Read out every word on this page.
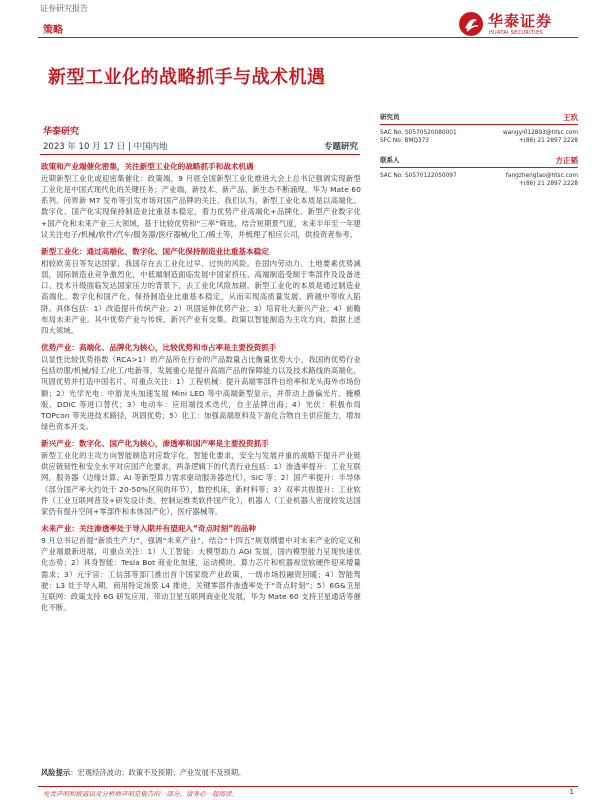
证券研究报告
华泰证券
HUATAI SECURITIES
策略
新型工业化的战略抓手与战术机遇
华泰研究
2023 年 10 月 17 日 | 中国内地	专题研究
政策和产业端催化密集，关注新型工业化的战略抓手和战术机遇
近期新型工业化或迎密集催化：政策端，9 月底全国新型工业化推进大会上总书记强调实现新型工业化是中国式现代化的关键任务；产业端，新技术、新产品、新生态不断涌现，华为 Mate 60 系列、问界新 M7 发布等引发市场对国产品牌的关注。我们认为，新型工业化本质是以高端化、数字化、国产化实现保持制造业比重基本稳定，着力优势产业高端化+品牌化、新型产业数字化+国产化和未来产业三大领域，基于比较优势和“三率”筛选，结合短期景气度，未来半年至一年建议关注电子/机械/软件/汽车/服务器/医疗器械/化工/稀土等，并梳理了相应公司，供投资者参考。
新型工业化：通过高端化、数字化、国产化保持制造业比重基本稳定
相较欧美日等发达国家，我国存在去工业化过早、过快的风险。在国内劳动力、土地要素优势减弱，国际制造业竞争激烈化，中低端制造面临发展中国家挤压、高端制造受制于零部件及设备进口、技术升级面临发达国家压力的背景下，去工业化风险加剧。新型工业化的本质是通过制造业高端化、数字化和国产化，保持制造业比重基本稳定，从而实现高质量发展，跨越中等收入陷阱。具体包括：1）改造提升传统产业；2）巩固延伸优势产业；3）培育壮大新兴产业；4）前瞻布局未来产业。其中优势产业与传统、新兴产业有交集。政策以智能制造为主攻方向，数据上述四大领域。
优势产业：高端化、品牌化为核心，比较优势和市占率是主要投资抓手
以显性比较优势指数（RCA>1）的产品所在行业的产品数量占比衡量优势大小，我国的优势行业包括纺服/机械/轻工/化工/电新等，发展重心是提升高端产品的保障能力以及技术路线的高端化，巩固优势并打造中国名片。可重点关注：1）工程机械：提升高端零部件自给率和龙头海外市场份额；2）光学光电：中游龙头加速发展 Mini LED 等中高端新型显示，并带动上游偏光片、掩模版、DDIC 等进口替代；3）电动车：应用端技术迭代，自主品牌出海；4）光伏：积极布局 TOPcon 等先进技术路径，巩固优势；5）化工：加强高端原料及下游化合物自主供应能力，增加绿色资本开支。
新兴产业：数字化、国产化为核心，渗透率和国产率是主要投资抓手
新型工业化的主攻方向智能制造对应数字化，智能化要求，安全与发展并重的战略下提升产业链供应链韧性和安全水平对应国产化要求，两条逻辑下的代表行业包括：1）渗透率提升：工业互联网，服务器（边缘计算、AI 等新型算力需求驱动服务器迭代），SiC 等；2）国产率提升：半导体（部分国产率大约处于 20-50%区间的环节），数控机床，新材料等；3）双率共振提升：工业软件（工业互联网普及+研发设计类、控制运维类软件国产化），机器人（工业机器人密度较发达国家仍有提升空间+零部件和本体国产化），医疗器械等。
未来产业：关注渗透率处于导入期并有望迎入“奇点时刻”的品种
9 月总书记首提“新质生产力”，强调“未来产业”，结合“十四五”规划纲要中对未来产业的定义和产业端最新进展，可重点关注：1）人工智能：大模型助力 AGI 发展，国内模型能力呈现快速优化态势；2）具身智能：Tesla Bot 商业化加速，运动模块、算力芯片和机器视觉软硬件迎来增量需求；3）元宇宙：工信部等部门推出首个国家级产业政策，一级市场投融资回暖；4）智能驾驶：L3 处于导入期，商用特定场景 L4 推进，关键零部件渗透率处于“奇点时刻”；5）6G&卫星互联网：政策支持 6G 研发应用，带动卫星互联网商业化发展，华为 Mate 60 支持卫星通话等催化不断。
研究员	王玖
SAC No. S0570520080001	wangyi012893@htsc.com
SFC No. BMQ373	+(86) 21 2897 2228
联系人	方正韬
SAC No. S0570122050097	fangzhengtao@htsc.com
+(86) 21 2897 2228
风险提示：宏观经济波动；政策不及预期；产业发展不及预期。
免责声明和披露以及分析师声明是报告的一部分，请务必一起阅读。	1
